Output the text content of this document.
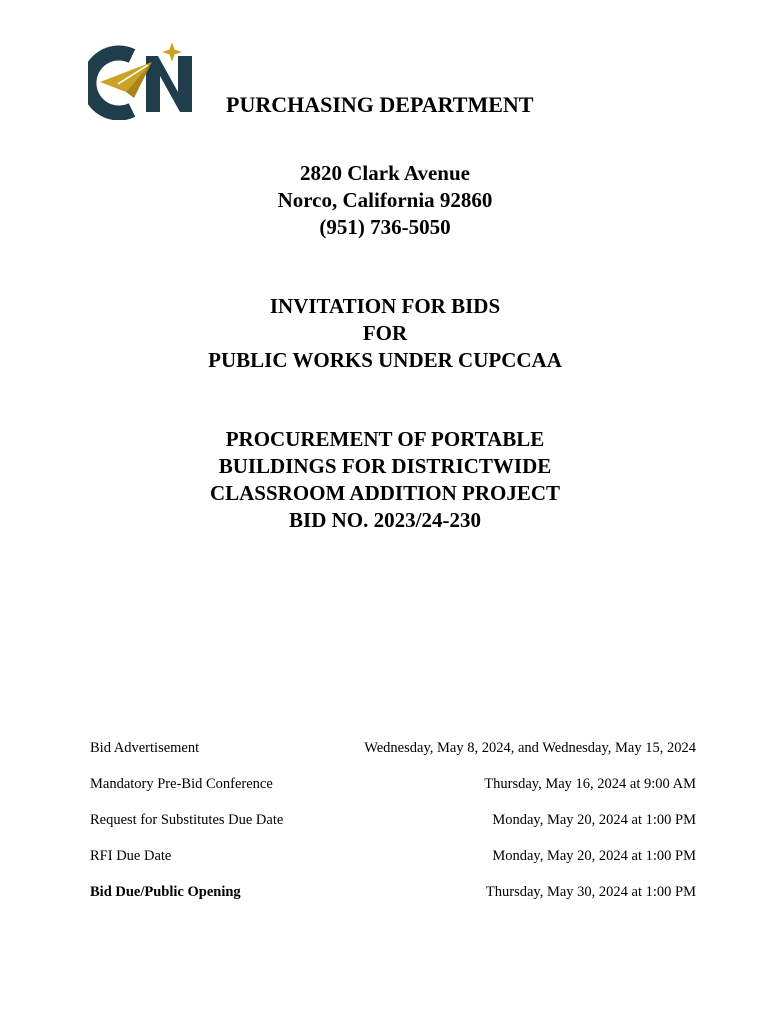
PURCHASING DEPARTMENT
2820 Clark Avenue
Norco, California 92860
(951) 736-5050
INVITATION FOR BIDS
FOR
PUBLIC WORKS UNDER CUPCCAA
PROCUREMENT OF PORTABLE
BUILDINGS FOR DISTRICTWIDE
CLASSROOM ADDITION PROJECT
BID NO. 2023/24-230
Bid Advertisement	Wednesday, May 8, 2024, and Wednesday, May 15, 2024
Mandatory Pre-Bid Conference	Thursday, May 16, 2024 at 9:00 AM
Request for Substitutes Due Date	Monday, May 20, 2024 at 1:00 PM
RFI Due Date	Monday, May 20, 2024 at 1:00 PM
Bid Due/Public Opening	Thursday, May 30, 2024 at 1:00 PM
